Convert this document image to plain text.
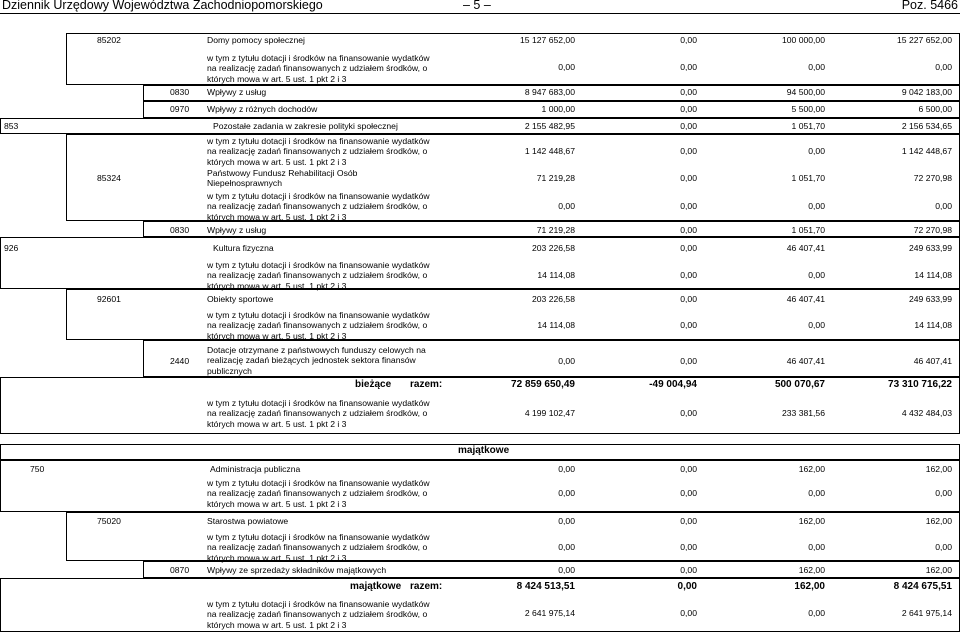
Dziennik Urzędowy Województwa Zachodniopomorskiego	– 5 –	Poz. 5466
85202	Domy pomocy społecznej	15 127 652,00	0,00	100 000,00	15 227 652,00
w tym z tytułu dotacji i środków na finansowanie wydatków
na realizację zadań finansowanych z udziałem środków, o
których mowa w art. 5 ust. 1 pkt 2 i 3
0,00	0,00	0,00	0,00
0830 Wpływy z usług	8 947 683,00	0,00	94 500,00	9 042 183,00
0970 Wpływy z różnych dochodów	1 000,00	0,00	5 500,00	6 500,00
853	Pozostałe zadania w zakresie polityki społecznej	2 155 482,95	0,00	1 051,70	2 156 534,65
w tym z tytułu dotacji i środków na finansowanie wydatków
na realizację zadań finansowanych z udziałem środków, o
których mowa w art. 5 ust. 1 pkt 2 i 3
1 142 448,67	0,00	0,00	1 142 448,67
85324	Państwowy Fundusz Rehabilitacji Osób
Niepełnosprawnych
71 219,28	0,00	1 051,70	72 270,98
w tym z tytułu dotacji i środków na finansowanie wydatków
na realizację zadań finansowanych z udziałem środków, o
których mowa w art. 5 ust. 1 pkt 2 i 3
0,00	0,00	0,00	0,00
0830 Wpływy z usług	71 219,28	0,00	1 051,70	72 270,98
926	Kultura fizyczna	203 226,58	0,00	46 407,41	249 633,99
w tym z tytułu dotacji i środków na finansowanie wydatków
na realizację zadań finansowanych z udziałem środków, o
których mowa w art. 5 ust. 1 pkt 2 i 3
14 114,08	0,00	0,00	14 114,08
92601	Obiekty sportowe	203 226,58	0,00	46 407,41	249 633,99
w tym z tytułu dotacji i środków na finansowanie wydatków
na realizację zadań finansowanych z udziałem środków, o
których mowa w art. 5 ust. 1 pkt 2 i 3
14 114,08	0,00	0,00	14 114,08
2440
Dotacje otrzymane z państwowych funduszy celowych na
realizację zadań bieżących jednostek sektora finansów
publicznych
0,00	0,00	46 407,41	46 407,41
bieżące razem:	72 859 650,49	-49 004,94	500 070,67	73 310 716,22
w tym z tytułu dotacji i środków na finansowanie wydatków
na realizację zadań finansowanych z udziałem środków, o
których mowa w art. 5 ust. 1 pkt 2 i 3
4 199 102,47	0,00	233 381,56	4 432 484,03
majątkowe
750	Administracja publiczna	0,00	0,00	162,00	162,00
w tym z tytułu dotacji i środków na finansowanie wydatków
na realizację zadań finansowanych z udziałem środków, o
których mowa w art. 5 ust. 1 pkt 2 i 3
0,00	0,00	0,00	0,00
75020	Starostwa powiatowe	0,00	0,00	162,00	162,00
w tym z tytułu dotacji i środków na finansowanie wydatków
na realizację zadań finansowanych z udziałem środków, o
których mowa w art. 5 ust. 1 pkt 2 i 3
0,00	0,00	0,00	0,00
0870 Wpływy ze sprzedaży składników majątkowych	0,00	0,00	162,00	162,00
majątkowe razem:	8 424 513,51	0,00	162,00	8 424 675,51
w tym z tytułu dotacji i środków na finansowanie wydatków
na realizację zadań finansowanych z udziałem środków, o
których mowa w art. 5 ust. 1 pkt 2 i 3
2 641 975,14	0,00	0,00	2 641 975,14
